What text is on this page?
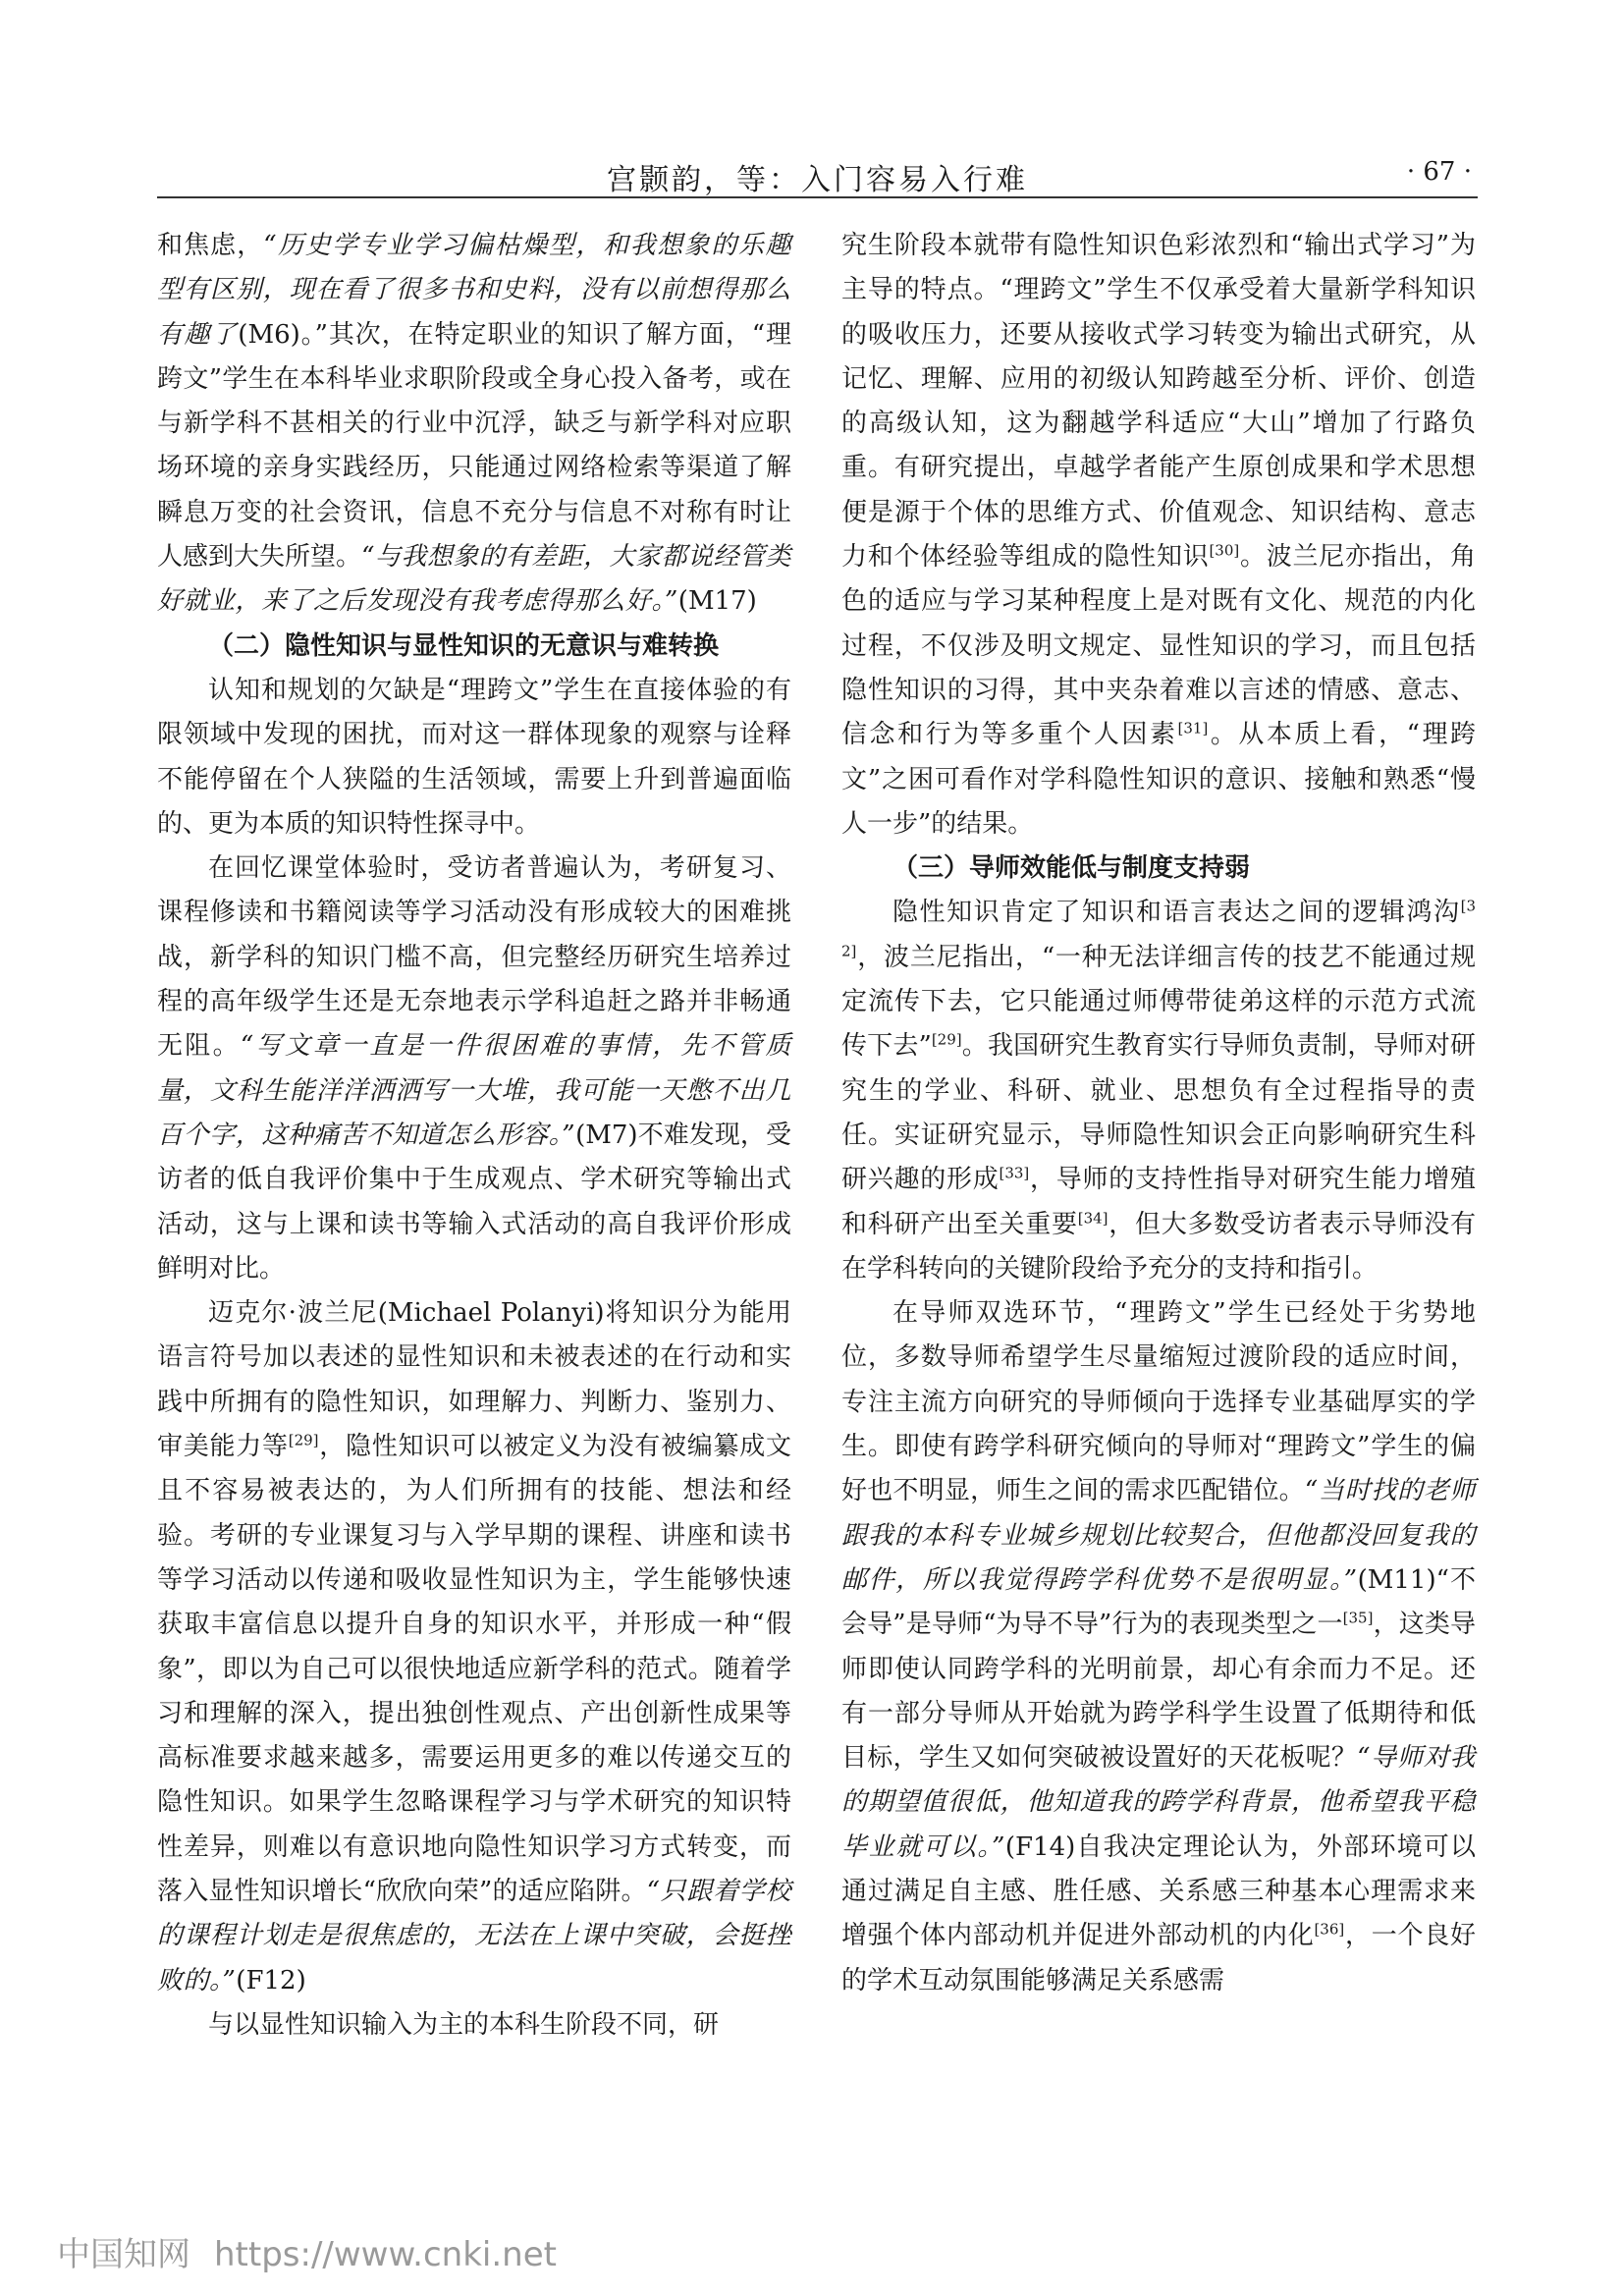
宫颢韵，等：入门容易入行难	· 67 ·

和焦虑，“历史学专业学习偏枯燥型，和我想象的乐趣型有区别，现在看了很多书和史料，没有以前想得那么有趣了(M6)。”其次，在特定职业的知识了解方面，“理跨文”学生在本科毕业求职阶段或全身心投入备考，或在与新学科不甚相关的行业中沉浮，缺乏与新学科对应职场环境的亲身实践经历，只能通过网络检索等渠道了解瞬息万变的社会资讯，信息不充分与信息不对称有时让人感到大失所望。“与我想象的有差距，大家都说经管类好就业，来了之后发现没有我考虑得那么好。”(M17)

（二）隐性知识与显性知识的无意识与难转换

认知和规划的欠缺是“理跨文”学生在直接体验的有限领域中发现的困扰，而对这一群体现象的观察与诠释不能停留在个人狭隘的生活领域，需要上升到普遍面临的、更为本质的知识特性探寻中。

在回忆课堂体验时，受访者普遍认为，考研复习、课程修读和书籍阅读等学习活动没有形成较大的困难挑战，新学科的知识门槛不高，但完整经历研究生培养过程的高年级学生还是无奈地表示学科追赶之路并非畅通无阻。“写文章一直是一件很困难的事情，先不管质量，文科生能洋洋洒洒写一大堆，我可能一天憋不出几百个字，这种痛苦不知道怎么形容。”(M7)不难发现，受访者的低自我评价集中于生成观点、学术研究等输出式活动，这与上课和读书等输入式活动的高自我评价形成鲜明对比。

迈克尔·波兰尼(Michael Polanyi)将知识分为能用语言符号加以表述的显性知识和未被表述的在行动和实践中所拥有的隐性知识，如理解力、判断力、鉴别力、审美能力等[29]，隐性知识可以被定义为没有被编纂成文且不容易被表达的，为人们所拥有的技能、想法和经验。考研的专业课复习与入学早期的课程、讲座和读书等学习活动以传递和吸收显性知识为主，学生能够快速获取丰富信息以提升自身的知识水平，并形成一种“假象”，即以为自己可以很快地适应新学科的范式。随着学习和理解的深入，提出独创性观点、产出创新性成果等高标准要求越来越多，需要运用更多的难以传递交互的隐性知识。如果学生忽略课程学习与学术研究的知识特性差异，则难以有意识地向隐性知识学习方式转变，而落入显性知识增长“欣欣向荣”的适应陷阱。“只跟着学校的课程计划走是很焦虑的，无法在上课中突破，会挺挫败的。”(F12)

与以显性知识输入为主的本科生阶段不同，研

究生阶段本就带有隐性知识色彩浓烈和“输出式学习”为主导的特点。“理跨文”学生不仅承受着大量新学科知识的吸收压力，还要从接收式学习转变为输出式研究，从记忆、理解、应用的初级认知跨越至分析、评价、创造的高级认知，这为翻越学科适应“大山”增加了行路负重。有研究提出，卓越学者能产生原创成果和学术思想便是源于个体的思维方式、价值观念、知识结构、意志力和个体经验等组成的隐性知识[30]。波兰尼亦指出，角色的适应与学习某种程度上是对既有文化、规范的内化过程，不仅涉及明文规定、显性知识的学习，而且包括隐性知识的习得，其中夹杂着难以言述的情感、意志、信念和行为等多重个人因素[31]。从本质上看，“理跨文”之困可看作对学科隐性知识的意识、接触和熟悉“慢人一步”的结果。

（三）导师效能低与制度支持弱

隐性知识肯定了知识和语言表达之间的逻辑鸿沟[32]，波兰尼指出，“一种无法详细言传的技艺不能通过规定流传下去，它只能通过师傅带徒弟这样的示范方式流传下去”[29]。我国研究生教育实行导师负责制，导师对研究生的学业、科研、就业、思想负有全过程指导的责任。实证研究显示，导师隐性知识会正向影响研究生科研兴趣的形成[33]，导师的支持性指导对研究生能力增殖和科研产出至关重要[34]，但大多数受访者表示导师没有在学科转向的关键阶段给予充分的支持和指引。

在导师双选环节，“理跨文”学生已经处于劣势地位，多数导师希望学生尽量缩短过渡阶段的适应时间，专注主流方向研究的导师倾向于选择专业基础厚实的学生。即使有跨学科研究倾向的导师对“理跨文”学生的偏好也不明显，师生之间的需求匹配错位。“当时找的老师跟我的本科专业城乡规划比较契合，但他都没回复我的邮件，所以我觉得跨学科优势不是很明显。”(M11)“不会导”是导师“为导不导”行为的表现类型之一[35]，这类导师即使认同跨学科的光明前景，却心有余而力不足。还有一部分导师从开始就为跨学科学生设置了低期待和低目标，学生又如何突破被设置好的天花板呢？“导师对我的期望值很低，他知道我的跨学科背景，他希望我平稳毕业就可以。”(F14)自我决定理论认为，外部环境可以通过满足自主感、胜任感、关系感三种基本心理需求来增强个体内部动机并促进外部动机的内化[36]，一个良好的学术互动氛围能够满足关系感需

中国知网 https://www.cnki.net
